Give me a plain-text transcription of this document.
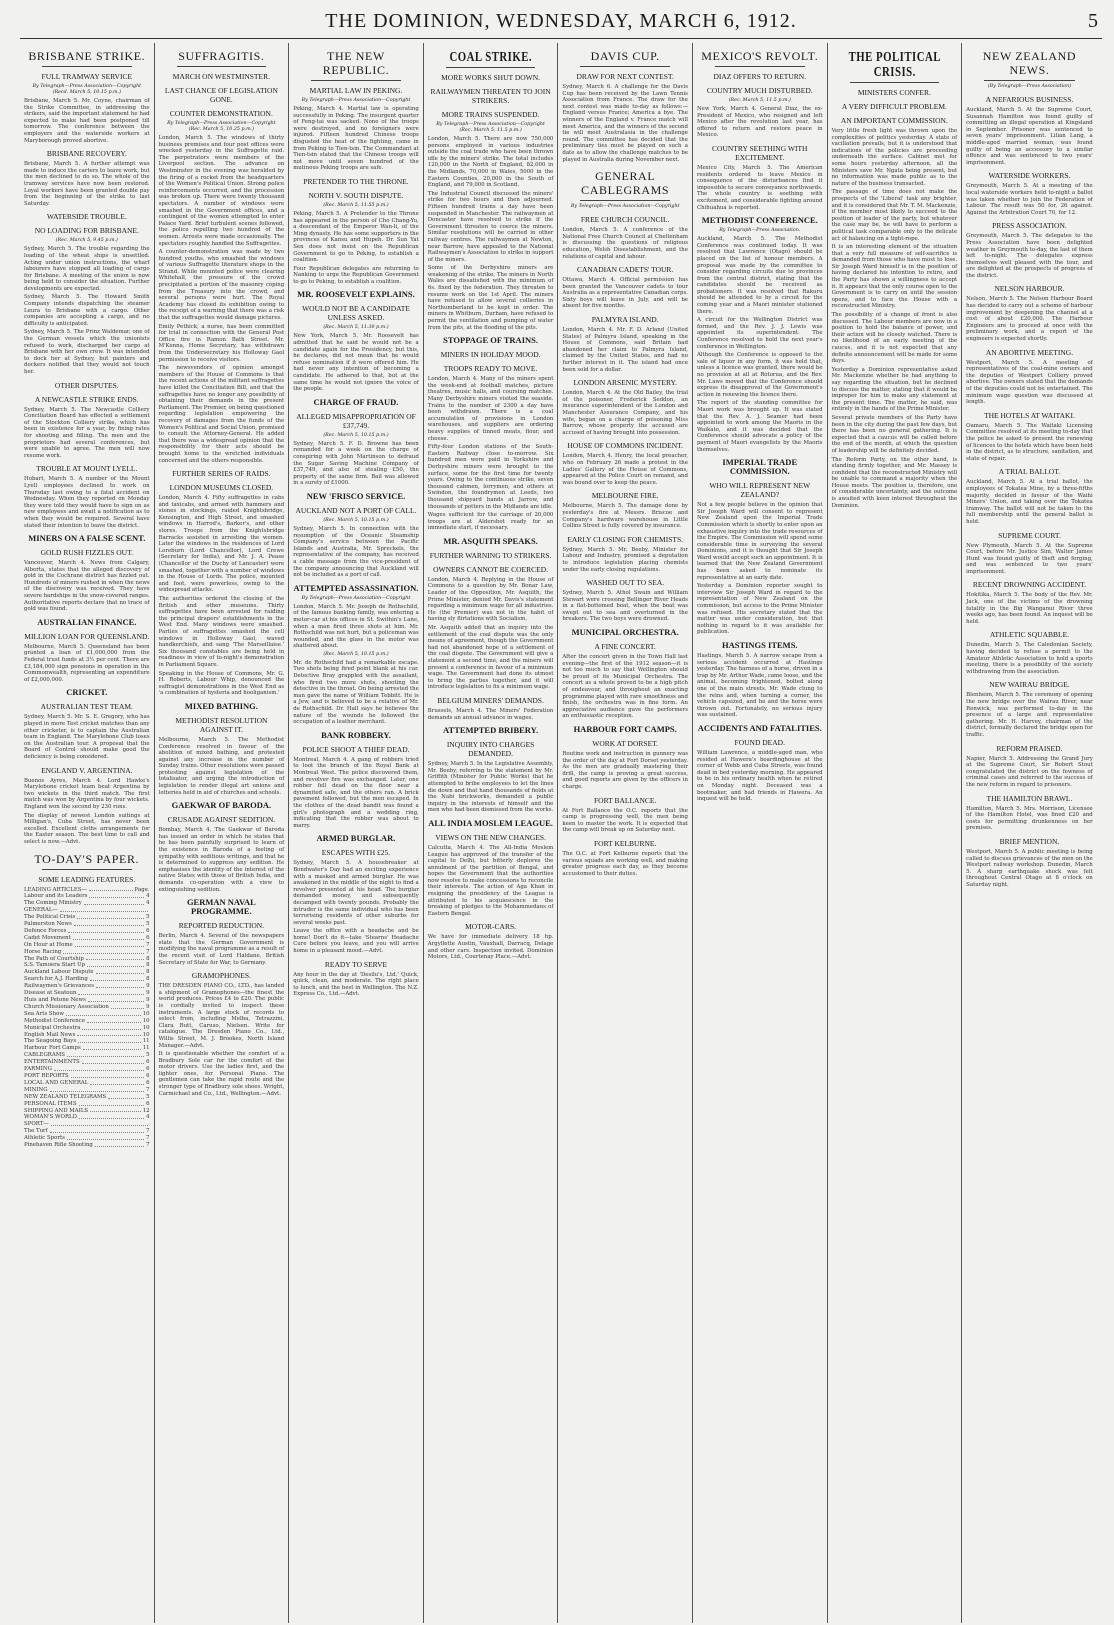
THE DOMINION, WEDNESDAY, MARCH 6, 1912.	5
BRISBANE STRIKE.
FULL TRAMWAY SERVICE
By Telegraph—Press Association—Copyright
(Recd. March 5, 10.15 p.m.)

Brisbane, March 5. Mr. Coyne, chairman of the Strike Committee, in addressing the strikers, said the important statement he had expected to make had been postponed till tomorrow. The conference between the employers and the waterside workers at Maryborough proved abortive.

BRISBANE RECOVERY.

Brisbane, March 5. A further attempt was made to induce the carters to leave work, but the men declined to do so. The whole of the tramway services have now been restored. Loyal workers have been granted double pay from the beginning of the strike to last Saturday.

WATERSIDE TROUBLE.
NO LOADING FOR BRISBANE.
(Rec. March 5, 9.45 p.m.)

Sydney, March 5. The trouble regarding the loading of the wheat ships is unsettled. Acting under union instructions, the wharf labourers have stopped all loading of cargo for Brisbane. A meeting of the union is now being held to consider the situation. Further developments are expected.

Sydney, March 5. The Howard Smith Company intends dispatching the steamer Leura to Brisbane with a cargo. Other companies are accepting a cargo, and no difficulty is anticipated.

Sydney, March 5. The Prinz Waldemar, one of the German vessels which the unionists refused to work, discharged her cargo at Brisbane with her own crew. It was intended to dock her at Sydney, but painters and dockers notified that they would not touch her.

OTHER DISPUTES.
A NEWCASTLE STRIKE ENDS.

Sydney, March 5. The Newcastle Colliery Conciliation Board has effected a settlement of the Stockton Colliery strike, which has been in existence for a year, by fixing rates for shooting and filling. The men and the proprietors had several conferences, but were unable to agree. The men will now resume work.

TROUBLE AT MOUNT LYELL.

Hobart, March 5. A number of the Mount Lyell employees declined to work on Thursday last owing to a fatal accident on Wednesday. When they reported on Monday they were told they would have to sign on as new employees and await a notification as to when they would be required. Several have stated their intention to leave the district.

MINERS ON A FALSE SCENT.
GOLD RUSH FIZZLES OUT.

Vancouver, March 4. News from Calgary, Alberta, states that the alleged discovery of gold in the Cochrane district has fizzled out. Hundreds of miners rushed in when the news of the discovery was received. They have severe hardships in the snow-covered ranges. Authoritative reports declare that no trace of gold was found.

AUSTRALIAN FINANCE.
MILLION LOAN FOR QUEENSLAND.

Melbourne, March 5. Queensland has been granted a loan of £1,000,000 from the Federal trust funds at 3½ per cent. There are £3,184,000 sign pensions in operation in the Commonwealth, representing an expenditure of £2,000,000.

CRICKET.
AUSTRALIAN TEST TEAM.

Sydney, March 5. Mr. S. E. Gregory, who has played in more Test cricket matches than any other cricketer, is to captain the Australian team in England. The Marylebone Club loses on the Australian tour. A proposal that the Board of Control should make good the deficiency is being considered.

ENGLAND V. ARGENTINA.

Buenos Ayres, March 4. Lord Hawke's Marylebone cricket team beat Argentina by two wickets in the third match. The first match was won by Argentina by four wickets. England won the second by 230 runs.

The display of newest London suitings at Milligan's, Cuba Street, has never been excelled. Excellent cloths arrangements for the Easter season. The best time to call and select is now.—Advt.

TO-DAY'S PAPER.
SOME LEADING FEATURES.
LEADING ARTICLES—	Page.
Labour and its Leaders	4
The Coming Ministry	4
GENERAL—
The Political Crisis	5
Palmerston News	5
Defence Forces	6
Cadet Movement	6
On Hour at Home	7
Horse Racing	7
The Path of Courtship	8
S.S. Tamoera Start Up	8
Auckland Labour Dispute	8
Search for A.J. Harding	8
Railwaymen's Grievances	9
Disease at Seatoun	9
Huis and Petone News	9
Church Missionary Association	9
Sea Arts Show	10
Methodist Conference	10
Municipal Orchestra	10
English Mail News	10
The Seagoing Bays	11
Harbour Fort Camps	11
CABLEGRAMS	5
ENTERTAINMENTS	6
FARMING	6
PORT REPORTS	6
LOCAL AND GENERAL	6
MINING	7
NEW ZEALAND TELEGRAMS	5
PERSONAL ITEMS	6
SHIPPING AND MAILS	12
WOMAN'S WORLD	4
SPORT—
The Turf	7
Athletic Sports	7
Pinehaven Rifle Shooting	7
SUFFRAGITIS.
MARCH ON WESTMINSTER.
LAST CHANCE OF LEGISLATION GONE.
COUNTER DEMONSTRATION.
By Telegraph—Press Association—Copyright
(Rec. March 5, 10.25 p.m.)

London, March 5. The windows of thirty business premises and four post offices were wrecked yesterday in the Suffragette raid. The perpetrators were members of the Liverpool section. The advance on Westminster in the evening was heralded by the firing of a rocket from the headquarters of the Women's Political Union. Strong police reinforcements occurred, and the procession was broken up. There were twenty thousand spectators. A number of windows were smashed in the Government offices, and a contingent of the women attempted to enter Palace Yard. Brief turbulent scenes followed, the police repelling two hundred of the women. Arrests were made occasionally. The spectators roughly handled the Suffragettes.

A counter-demonstration was made by two hundred youths, who smashed the windows of various Suffragette literature shops in the Strand. While mounted police were clearing Whitehall, the pressure of the crowd precipitated a portion of the masonry coping from the Treasury into the crowd, and several persons were hurt. The Royal Academy has closed its exhibition owing to the receipt of a warning that there was a risk that the suffragettes would damage pictures.

Emily Pethick, a nurse, has been committed for trial in connection with the General Post Office fire in Ramon Bath Street. Mr. M'Kenna, Home Secretary, has withdrawn from the Undersecretary his Holloway Gaol permission to receive visitors.

The newsvendors of opinion amongst members of the House of Commons is that the recent actions of the militant suffragettes have killed the Conciliation Bill, and that the suffragettes have no longer any possibility of obtaining their demands in the present Parliament. The Premier, on being questioned regarding legislation empowering the recovery of damages from the funds of the Women's Political and Social Union, promised to consult the Attorney-General. He added that there was a widespread opinion that the responsibility for their acts should be brought home to the wretched individuals concerned and the others responsible.

FURTHER SERIES OF RAIDS.
LONDON MUSEUMS CLOSED.

London, March 4. Fifty suffragettes in cabs and taxicabs, and armed with hammers and stones in stockings, raided Knightsbridge, Kensington, and High Street, and smashed windows in Harrod's, Barker's, and other stores. Troops from the Knightsbridge Barracks assisted in arresting the women. Later the windows in the residences of Lord Loreburn (Lord Chancellor), Lord Crewe (Secretary for India), and Mr. J. A. Pease (Chancellor of the Duchy of Lancaster) were smashed, together with a number of windows in the House of Lords. The police, mounted and foot, were powerless, owing to the widespread attacks.

The authorities ordered the closing of the British and other museums. Thirty suffragettes have been arrested for raiding the principal drapers' establishments in the West End. Many windows were smashed. Parties of suffragettes smashed the cell windows in Holloway Gaol, waved handkerchiefs, and sang 'The Marseillaise.' Six thousand constables are being held in readiness in view of to-night's demonstration in Parliament Square.

Speaking in the House of Commons, Mr. G. H. Roberts, Labour Whip, denounced the suffragist demonstrations in the West End as 'a combination of hysteria and hooliganism.'

MIXED BATHING.
METHODIST RESOLUTION AGAINST IT.

Melbourne, March 5. The Methodist Conference resolved in favour of the abolition of mixed bathing, and protested against any increase in the number of Sunday trains. Other resolutions were passed protesting against legislation of the totalisator, and urging the introduction of legislation to render illegal art unions and lotteries held in aid of churches and schools.

GAEKWAR OF BARODA.
CRUSADE AGAINST SEDITION.

Bombay, March 4. The Gaekwar of Baroda has issued an order in which he states that he has been painfully surprised to learn of the existence in Baroda of a feeling of sympathy with seditious writings, and that he is determined to suppress any sedition. He emphasises the identity of the interest of the native States with those of British India, and demands co-operation with a view to extinguishing sedition.

GERMAN NAVAL PROGRAMME.
REPORTED REDUCTION.

Berlin, March 4. Several of the newspapers state that the German Government is modifying the naval programme as a result of the recent visit of Lord Haldane, British Secretary of State for War, to Germany.

GRAMOPHONES.

THE DRESDEN PIANO CO., LTD., has landed a shipment of Gramophones—the finest the world produces. Prices £4 to £20. The public is cordially invited to inspect these instruments. A large stock of records to select from, including Melba, Tetrazzini, Clara Butt, Caruso, Nielsen. Write for catalogue. The Dresden Piano Co., Ltd., Willis Street, M. J. Brookes, North Island Manager.—Advt.

It is questionable whether the comfort of a Bradbury Sole car for the comfort of the motor drivers. Use the ladies first, and the lighter ones, for Personal Piano. The gentlemen can take the rapid route and the stronger type of Bradbury sole shoes. Wright, Carmichael and Co., Ltd., Wellington.—Advt.

THE NEW REPUBLIC.
MARTIAL LAW IN PEKING.
By Telegraph—Press Association—Copyright

Peking, March 4. Martial law is operating successfully in Peking. The insurgent quarter of Feng-tai was sacked. None of the troops were destroyed, and no foreigners were injured. Fifteen hundred Chinese troops disgusted the heat of the fighting, came in from Peking to Tien-tsin. The Commandant at Tien-tsin stated that the Chinese troops will not move until seven hundred of the mutinous Peking troops are safe.

PRETENDER TO THE THRONE.
NORTH V. SOUTH DISPUTE.
(Rec. March 5, 11.55 p.m.)

Peking, March 5. A Pretender to the Throne has appeared in the person of Cho Chang-Yu, a descendant of the Emperor Wan-li, of the Ming dynasty. He has some supporters in the provinces of Kansu and Hupeh. Dr. Sun Yat Sen does not insist on the Republican Government to go to Peking, to establish a coalition.

Four Republican delegates are returning to Nanking to urge the Republican Government to go to Peking, to establish a coalition.

MR. ROOSEVELT EXPLAINS.
WOULD NOT BE A CANDIDATE UNLESS ASKED.
(Rec. March 5, 11.30 p.m.)

New York, March 5. Mr. Roosevelt has admitted that he said he would not be a candidate again for the Presidency, but this, he declares, did not mean that he would refuse nomination if it were offered him. He had never any intention of becoming a candidate. He adhered to that, but at the same time he would not ignore the voice of the people.

CHARGE OF FRAUD.
ALLEGED MISAPPROPRIATION OF £37,749.
(Rec. March 5, 10.15 p.m.)

Sydney, March 5. F. D. Browne has been remanded for a week on the charge of conspiring with John Martinson to defraud the Sugar Saving Machine Company of £37,749, and also of stealing £50, the property of the same firm. Bail was allowed in a surety of £1000.

NEW 'FRISCO SERVICE.
AUCKLAND NOT A PORT OF CALL.
(Rec. March 5, 10.15 p.m.)

Sydney, March 5. In connection with the resumption of the Oceanic Steamship Company's service between the Pacific Islands and Australia, Mr. Spreckels, the representative of the company, has received a cable message from the vice-president of the company announcing that Auckland will not be included as a port of call.

ATTEMPTED ASSASSINATION.
By Telegraph—Press Association—Copyright

London, March 5. Mr. Joseph de Rothschild, of the famous banking family, was entering a motor-car at his offices in St. Swithin's Lane, when a man fired three shots at him. Mr. Rothschild was not hurt, but a policeman was wounded, and the glass in the motor was shattered about.

(Rec. March 5, 10.15 p.m.)

Mr. de Rothschild had a remarkable escape. Two shots being fired point blank at his car. Detective Bray grappled with the assailant, who fired two more shots, shooting the detective in the throat. On being arrested the man gave the name of William Tebbitt. He is a Jew, and is believed to be a relative of Mr. de Rothschild. Dr. Hall says he believes the nature of the wounds he followed the occupation of a leather merchant.

BANK ROBBERY.
POLICE SHOOT A THIEF DEAD.

Montreal, March 4. A gang of robbers tried to loot the branch of the Royal Bank at Montreal West. The police discovered them, and revolver fire was exchanged. Later, one robber fell dead on the floor near a dynamited safe, and the others ran. A brick pavement followed, but the men escaped. In the clothes of the dead bandit was found a girl's photograph and a wedding ring, indicating that the robber was about to marry.

ARMED BURGLAR.
ESCAPES WITH £25.

Sydney, March 5. A housebreaker at Bondwater's Day had an exciting experience with a masked and armed burglar. He was awakened in the middle of the night to find a revolver presented at his head. The burglar demanded money, and subsequently decamped with twenty pounds. Probably the intruder is the same individual who has been terrorising residents of other suburbs for several weeks past.

Leave the office with a headache and be home! Don't do it—take 'Stearns' Headache Cure before you leave, and you will arrive home in a pleasant mood.—Advt.

READY TO SERVE

Any hour in the day at 'Desilu's, Ltd.' Quick, quick, clean, and moderate. The right place to lunch, and the best in Wellington. The N.Z. Express Co., Ltd.—Advt.

COAL STRIKE.
MORE WORKS SHUT DOWN.
RAILWAYMEN THREATEN TO JOIN STRIKERS.
MORE TRAINS SUSPENDED.
By Telegraph—Press Association—Copyright
(Rec. March 5, 11.5 p.m.)

London, March 5. There are now 750,000 persons employed in various industries outside the coal trade who have been thrown idle by the miners' strike. The total includes 120,000 in the North of England, 82,000 in the Midlands, 70,000 in Wales, 5000 in the Eastern Counties, 20,000 in the South of England, and 79,000 in Scotland.

The Industrial Council discussed the miners' strike for two hours and then adjourned. Fifteen hundred trains a day have been suspended in Manchester. The railwaymen at Doncaster have resolved to strike if the Government threaten to coerce the miners. Similar resolutions will be carried in other railway centres. The railwaymen at Newton, near Barrow, have appealed to the National Railwaymen's Association to strike in support of the miners.

Some of the Derbyshire miners are weakening of the strike. The miners in North Wales are dissatisfied with the minimum of 6s. fixed by the federation. They threaten to resume work on the 1st April. The miners have refused to allow several collieries in Northumberland to be kept in order. The miners in Whitburn, Durham, have refused to permit the ventilation and pumping of water from the pits, at the flooding of the pits.

STOPPAGE OF TRAINS.
MINERS IN HOLIDAY MOOD.
TROOPS READY TO MOVE.

London, March 4. Many of the miners spent the week-end at football matches, picture theatres, music halls, and coursing matches. Many Derbyshire miners visited the seaside. Trains to the number of 2300 a day have been withdrawn. There is a coal accumulation of provisions in London warehouses, and suppliers are ordering heavy supplies of tinned meats, flour, and cheese.

Fifty-four London stations of the South-Eastern Railway close to-morrow. Six hundred men were paid in Yorkshire and Derbyshire miners were brought to the surface, some for the first time for twenty years. Owing to the continuous strike, seven thousand cabmen, lorrymen, and others at Swindon, the foundrymen at Leeds, two thousand shipyard hands at Jarrow, and thousands of potters in the Midlands are idle.

Wages sufficient for the carriage of 20,000 troops are at Aldershot ready for an immediate start, if necessary.

MR. ASQUITH SPEAKS.
FURTHER WARNING TO STRIKERS.
OWNERS CANNOT BE COERCED.

London, March 4. Replying in the House of Commons to a question by Mr. Bonar Law, Leader of the Opposition, Mr. Asquith, the Prime Minister, denied Mr. Davis's statement regarding a minimum wage for all industries. He (the Premier) was not in the habit of having sly flirtations with Socialism.

Mr. Asquith added that an inquiry into the settlement of the coal dispute was the only means of agreement, though the Government had not abandoned hope of a settlement of the coal dispute. The Government will give a statement a second time, and the miners will present a conference in favour of a minimum wage. The Government had done its utmost to bring the parties together, and it will introduce legislation to fix a minimum wage.

BELGIUM MINERS' DEMANDS.

Brussels, March 4. The Miners' Federation demands an annual advance in wages.

ATTEMPTED BRIBERY.
INQUIRY INTO CHARGES DEMANDED.

Sydney, March 5. In the Legislative Assembly, Mr. Beeby, referring to the statement by Mr. Griffith (Minister for Public Works) that he attempted to bribe employees to let the lines die down and that hand thousands of fields at the Nabi brickworks, demanded a public inquiry in the interests of himself and the men who had been dismissed from the works.

ALL INDIA MOSLEM LEAGUE.
VIEWS ON THE NEW CHANGES.

Calcutta, March 4. The All-India Moslem League has approved of the transfer of the capital to Delhi, but bitterly deplores the annulment of the partition of Bengal, and hopes the Government that the authorities now resolve to make concessions to reconcile their interests. The action of Aga Khan in resigning the presidency of the League is attributed to his acquiescence in the breaking of pledges to the Mohammedans of Eastern Bengal.

MOTOR-CARS.

We have for immediate delivery 18 hp. Argyllette Austin, Vauxhall, Darracq, Delage and other cars. Inspection invited. Dominion Motors, Ltd., Courtenay Place.—Advt.

DAVIS CUP.
DRAW FOR NEXT CONTEST.

Sydney, March 6. A challenge for the Davis Cup has been received by the Lawn Tennis Association from France. The draw for the next contest was made to-day as follows:—England versus France; America a bye. The winners of the England v. France match will meet America, and the winners of the second tie will meet Australasia in the challenge round. The committee has decided that the preliminary ties must be played on such a date as to allow the challenge matches to be played in Australia during November next.

GENERAL CABLEGRAMS
By Telegraph—Press Association—Copyright
FREE CHURCH COUNCIL.

London, March 5. A conference of the National Free Church Council at Cheltenham is discussing the questions of religious education, Welsh Disestablishment, and the relations of capital and labour.

CANADIAN CADETS' TOUR.

Ottawa, March 4. Official permission has been granted the Vancouver cadets to tour Australia as a representative Canadian corps. Sixty boys will leave in July, and will be absent for five months.

PALMYRA ISLAND.

London, March 4. Mr. F. D. Arland (United States) of Palmyra Island, speaking in the House of Commons, said Britain had abandoned her claim to Palmyra Island, claimed by the United States, and had no further interest in it. The island had once been sold for a dollar.

LONDON ARSENIC MYSTERY.

London, March 4. At the Old Bailey, the trial of the poisoner, Frederick Seddon, an insurance superintendent of the London and Manchester Assurance Company, and his wife, began on a charge of poisoning Miss Barrow, whose property the accused are accused of having brought into possession.

HOUSE OF COMMONS INCIDENT.

London, March 4. Henry, the local preacher, who on February 26 made a protest in the Ladies' Gallery of the House of Commons, appeared at the Police Court on remand, and was bound over to keep the peace.

MELBOURNE FIRE.

Melbourne, March 5. The damage done by yesterday's fire at Messrs. Briscoe and Company's hardware warehouse in Little Collins Street is fully covered by insurance.

EARLY CLOSING FOR CHEMISTS.

Sydney, March 5. Mr. Beeby, Minister for Labour and Industry, promised a deputation to introduce legislation placing chemists under the early closing regulations.

WASHED OUT TO SEA.

Sydney, March 5. Athol Swain and William Stewart were crossing Bellinger River Heads in a flat-bottomed boat, when the boat was swept out to sea and overturned in the breakers. The two boys were drowned.

MUNICIPAL ORCHESTRA.
A FINE CONCERT.

After the concert given in the Town Hall last evening—the first of the 1912 season—it is not too much to say that Wellington should be proud of its Municipal Orchestra. The concert as a whole proved to be a high pitch of endeavour, and throughout an exacting programme played with rare smoothness and finish, the orchestra was in fine form. An appreciative audience gave the performers an enthusiastic reception.

HARBOUR FORT CAMPS.
WORK AT DORSET.

Routine work and instruction in gunnery was the order of the day at Fort Dorset yesterday. As the men are gradually mastering their drill, the camp is proving a great success, and good reports are given by the officers in charge.

FORT BALLANCE.

At Fort Ballance the O.C. reports that the camp is progressing well, the men being keen to master the work. It is expected that the camp will break up on Saturday next.

FORT KELBURNE.

The O.C. at Fort Kelburne reports that the various squads are working well, and making greater progress each day, as they become accustomed to their duties.

MEXICO'S REVOLT.
DIAZ OFFERS TO RETURN.
COUNTRY MUCH DISTURBED.
(Rec. March 5, 11.5 p.m.)

New York, March 4. General Diaz, the ex-President of Mexico, who resigned and left Mexico after the revolution last year, has offered to return and restore peace in Mexico.

COUNTRY SEETHING WITH EXCITEMENT.

Mexico City, March 5. The American residents ordered to leave Mexico in consequence of the disturbances find it impossible to secure conveyance northwards. The whole country is seething with excitement, and considerable fighting around Chihuahua is reported.

METHODIST CONFERENCE.
By Telegraph—Press Association.

Auckland, March 5. The Methodist Conference was continued today. It was resolved that Lawrence (Otago) should be placed on the list of honour members. A proposal was made by the committee to consider regarding circuits due to provinces from the central district, stating that the candidates should be received as probationers. It was resolved that Rakuru should be attended to by a circuit for the coming year and a Maori minister stationed there.

A circuit for the Wellington District was formed, and the Rev. J. J. Lewis was appointed its superintendent. The Conference resolved to hold the next year's conference in Wellington.

Although the Conference is opposed to the sale of liquor in any form, it was held that, unless a licence was granted, there would be no provision at all at Rotorua, and the Rev. Mr. Laws moved that the Conference should express its disapproval of the Government's action in renewing the licence there.

The report of the standing committee for Maori work was brought up. It was stated that the Rev. A. J. Seamer had been appointed to work among the Maoris in the Waikato, and it was decided that the Conference should advocate a policy of the payment of Maori evangelists by the Maoris themselves.

IMPERIAL TRADE COMMISSION.
WHO WILL REPRESENT NEW ZEALAND?

Not a few people believe in the opinion that Sir Joseph Ward will consent to represent New Zealand upon the Imperial Trade Commission which is shortly to enter upon an exhaustive inquiry into the trade resources of the Empire. The Commission will spend some considerable time in surveying the several Dominions, and it is thought that Sir Joseph Ward would accept such an appointment. It is learned that the New Zealand Government has been asked to nominate its representative at an early date.

Yesterday a Dominion reporter sought to interview Sir Joseph Ward in regard to the representation of New Zealand on the commission, but access to the Prime Minister was refused. His secretary stated that the matter was under consideration, but that nothing in regard to it was available for publication.

HASTINGS ITEMS.

Hastings, March 5. A narrow escape from a serious accident occurred at Hastings yesterday. The harness of a horse, driven in a trap by Mr. Arthur Wade, came loose, and the animal, becoming frightened, bolted along one of the main streets. Mr. Wade clung to the reins and, when turning a corner, the vehicle capsized, and he and the horse were thrown out. Fortunately, no serious injury was sustained.

ACCIDENTS AND FATALITIES.
FOUND DEAD.

William Lawrence, a middle-aged man, who resided at Hawera's boardinghouse at the corner of Webb and Cuba Streets, was found dead in bed yesterday morning. He appeared to be in his ordinary health when he retired on Monday night. Deceased was a bootmaker, and had friends in Hawera. An inquest will be held.

THE POLITICAL CRISIS.
MINISTERS CONFER.
A VERY DIFFICULT PROBLEM.
AN IMPORTANT COMMISSION.

Very little fresh light was thrown upon the complexities of politics yesterday. A state of vacillation prevails, but it is understood that indications of the policies are proceeding underneath the surface. Cabinet met for some hours yesterday afternoon, all the Ministers save Mr. Ngata being present, but no information was made public as to the nature of the business transacted.

The passage of time does not make the prospects of the 'Liberal' task any brighter, and it is considered that Mr. T. M. Mackenzie, if the member most likely to succeed to the position of leader of the party, but whatever the case may be, he will have to perform a political task comparable only to the delicate act of balancing on a tight-rope.

It is an interesting element of the situation that a very full measure of self-sacrifice is demanded from those who have most to lose. Sir Joseph Ward himself is in the position of having declared his intention to retire, and the Party has shown a willingness to accept it. It appears that the only course open to the Government is to carry on until the session opens, and to face the House with a reconstructed Ministry.

The possibility of a change of front is also discussed. The Labour members are now in a position to hold the balance of power, and their action will be closely watched. There is no likelihood of an early meeting of the caucus, and it is not expected that any definite announcement will be made for some days.

Yesterday a Dominion representative asked Mr. Mackenzie whether he had anything to say regarding the situation, but he declined to discuss the matter, stating that it would be improper for him to make any statement at the present time. The matter, he said, was entirely in the hands of the Prime Minister.

Several private members of the Party have been in the city during the past few days, but there has been no general gathering. It is expected that a caucus will be called before the end of the month, at which the question of leadership will be definitely decided.

The Reform Party, on the other hand, is standing firmly together, and Mr. Massey is confident that the reconstructed Ministry will be unable to command a majority when the House meets. The position is, therefore, one of considerable uncertainty, and the outcome is awaited with keen interest throughout the Dominion.

NEW ZEALAND NEWS.
(By Telegraph—Press Association)
A NEFARIOUS BUSINESS.

Auckland, March 5. At the Supreme Court, Susannah Hamilton was found guilty of committing an illegal operation at Kingsland in September. Prisoner was sentenced to seven years' imprisonment. Lilian Lang, a middle-aged married woman, was found guilty of being an accessory to a similar offence and was sentenced to two years' imprisonment.

WATERSIDE WORKERS.

Greymouth, March 5. At a meeting of the local waterside workers held to-night a ballot was taken whether to join the Federation of Labour. The result was 50 for, 26 against. Against the Arbitration Court 70, for 12.

PRESS ASSOCIATION.

Greymouth, March 5. The delegates to the Press Association have been delighted weather in Greymouth to-day, the last of them left to-night. The delegates express themselves well pleased with the tour, and are delighted at the prospects of progress of the district.

NELSON HARBOUR.

Nelson, March 5. The Nelson Harbour Board has decided to carry out a scheme of harbour improvement by deepening the channel at a cost of about £20,000. The Harbour Engineers are to proceed at once with the preliminary work, and a report of the engineers is expected shortly.

AN ABORTIVE MEETING.

Westport, March 5. A meeting of representatives of the coal-mine owners and the deputies of Westport Colliery proved abortive. The owners stated that the demands of the deputies could not be entertained. The minimum wage question was discussed at length.

THE HOTELS AT WAITAKI.

Oamaru, March 5. The Waitaki Licensing Committee resolved at its meeting to-day that the police be asked to present the renewing of licences to the hotels which have been held in the district, as to structure, sanitation, and state of repair.

A TRIAL BALLOT.

Auckland, March 5. At a trial ballot, the employees of Tokatea Mine, by a three-fifths majority, decided in favour of the Waihi Miners' Union, and taking over the Tokatea tramway. The ballot will not be taken to the full membership until the general ballot is held.

SUPREME COURT.

New Plymouth, March 5. At the Supreme Court, before Mr. Justice Sim, Walter James Hunt was found guilty of theft and forging, and was sentenced to two years' imprisonment.

RECENT DROWNING ACCIDENT.

Hokitika, March 5. The body of the Rev. Mr. Jack, one of the victims of the drowning fatality in the Big Wanganui River three weeks ago, has been found. An inquest will be held.

ATHLETIC SQUABBLE.

Dunedin, March 5. The Caledonian Society, having decided to refuse a permit to the Amateur Athletic Association to hold a sports meeting, there is a possibility of the society withdrawing from the association.

NEW WAIRAU BRIDGE.

Blenheim, March 5. The ceremony of opening the new bridge over the Wairau River, near Renwick, was performed to-day in the presence of a large and representative gathering. Mr. H. Harvey, chairman of the district, formally declared the bridge open for traffic.

REFORM PRAISED.

Napier, March 5. Addressing the Grand Jury at the Supreme Court, Sir Robert Stout congratulated the district on the fewness of criminal cases and referred to the success of the new reform in regard to prisoners.

THE HAMILTON BRAWL.

Hamilton, March 5. Mrs. Morrison, Licensee of the Hamilton Hotel, was fined £20 and costs for permitting drunkenness on her premises.

BRIEF MENTION.

Westport, March 5. A public meeting is being called to discuss grievances of the men on the Westport railway workshop. Dunedin, March 5. A sharp earthquake shock was felt throughout Central Otago at 8 o'clock on Saturday night.
